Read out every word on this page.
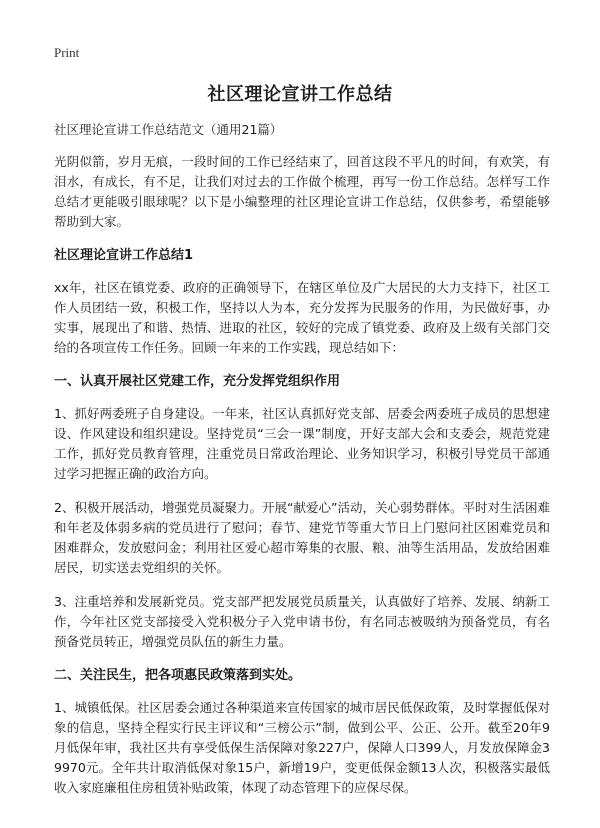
Print
社区理论宣讲工作总结
社区理论宣讲工作总结范文（通用21篇）
光阴似箭，岁月无痕，一段时间的工作已经结束了，回首这段不平凡的时间，有欢笑，有泪水，有成长，有不足，让我们对过去的工作做个梳理，再写一份工作总结。怎样写工作总结才更能吸引眼球呢？以下是小编整理的社区理论宣讲工作总结，仅供参考，希望能够帮助到大家。
社区理论宣讲工作总结1
xx年，社区在镇党委、政府的正确领导下，在辖区单位及广大居民的大力支持下，社区工作人员团结一致，积极工作，坚持以人为本，充分发挥为民服务的作用，为民做好事，办实事，展现出了和谐、热情、进取的社区，较好的完成了镇党委、政府及上级有关部门交给的各项宣传工作任务。回顾一年来的工作实践，现总结如下：
一、认真开展社区党建工作，充分发挥党组织作用
1、抓好两委班子自身建设。一年来，社区认真抓好党支部、居委会两委班子成员的思想建设、作风建设和组织建设。坚持党员“三会一课”制度，开好支部大会和支委会，规范党建工作，抓好党员教育管理，注重党员日常政治理论、业务知识学习，积极引导党员干部通过学习把握正确的政治方向。
2、积极开展活动，增强党员凝聚力。开展“献爱心”活动，关心弱势群体。平时对生活困难和年老及体弱多病的党员进行了慰问；春节、建党节等重大节日上门慰问社区困难党员和困难群众，发放慰问金；利用社区爱心超市筹集的衣服、粮、油等生活用品，发放给困难居民，切实送去党组织的关怀。
3、注重培养和发展新党员。党支部严把发展党员质量关，认真做好了培养、发展、纳新工作，今年社区党支部接受入党积极分子入党申请书份，有名同志被吸纳为预备党员，有名预备党员转正，增强党员队伍的新生力量。
二、关注民生，把各项惠民政策落到实处。
1、城镇低保。社区居委会通过各种渠道来宣传国家的城市居民低保政策，及时掌握低保对象的信息，坚持全程实行民主评议和“三榜公示”制，做到公平、公正、公开。截至20年9月低保年审，我社区共有享受低保生活保障对象227户，保障人口399人，月发放保障金39970元。全年共计取消低保对象15户，新增19户，变更低保金额13人次，积极落实最低收入家庭廉租住房租赁补贴政策，体现了动态管理下的应保尽保。
